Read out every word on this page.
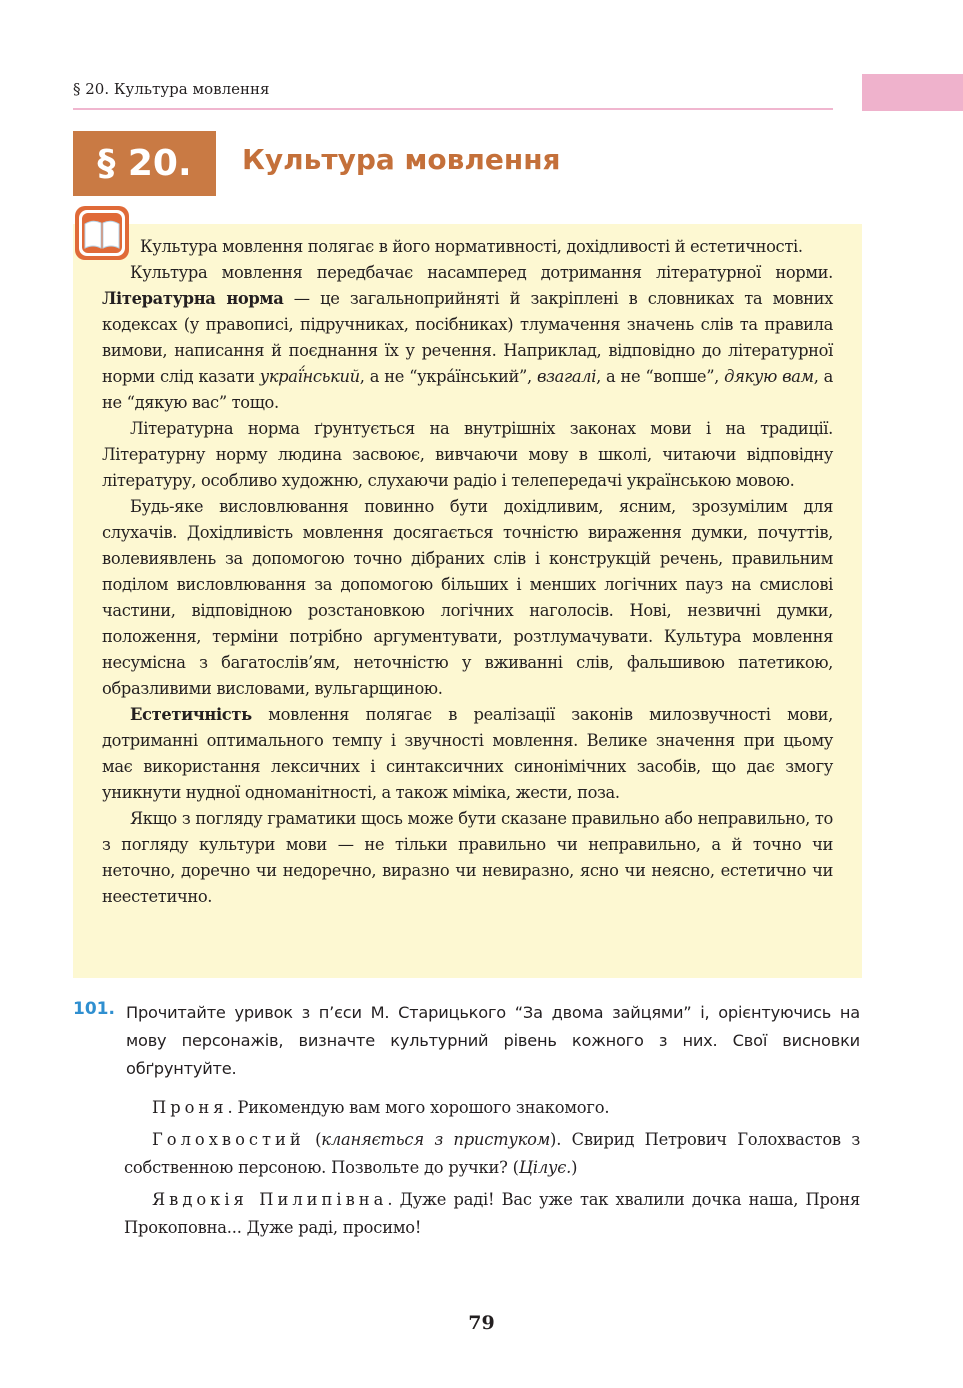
§ 20. Культура мовлення
§ 20.	Культура мовлення

Культура мовлення полягає в його нормативності, дохідливості й естетичності.

Культура мовлення передбачає насамперед дотримання літературної норми. Літературна норма — це загальноприйняті й закріплені в словниках та мовних кодексах (у правописі, підручниках, посібниках) тлумачення значень слів та правила вимови, написання й поєднання їх у речення. Наприклад, відповідно до літературної норми слід казати украї́нський, а не “укра́їнський”, взагалі, а не “вопше”, дякую вам, а не “дякую вас” тощо.

Літературна норма ґрунтується на внутрішніх законах мови і на традиції. Літературну норму людина засвоює, вивчаючи мову в школі, читаючи відповідну літературу, особливо художню, слухаючи радіо і телепередачі українською мовою.

Будь-яке висловлювання повинно бути дохідливим, ясним, зрозумілим для слухачів. Дохідливість мовлення досягається точністю вираження думки, почуттів, волевиявлень за допомогою точно дібраних слів і конструкцій речень, правильним поділом висловлювання за допомогою більших і менших логічних пауз на смислові частини, відповідною розстановкою логічних наголосів. Нові, незвичні думки, положення, терміни потрібно аргументувати, розтлумачувати. Культура мовлення несумісна з багатослів’ям, неточністю у вживанні слів, фальшивою патетикою, образливими висловами, вульгарщиною.

Естетичність мовлення полягає в реалізації законів милозвучності мови, дотриманні оптимального темпу і звучності мовлення. Велике значення при цьому має використання лексичних і синтаксичних синонімічних засобів, що дає змогу уникнути нудної одноманітності, а також міміка, жести, поза.

Якщо з погляду граматики щось може бути сказане правильно або неправильно, то з погляду культури мови — не тільки правильно чи неправильно, а й точно чи неточно, доречно чи недоречно, виразно чи невиразно, ясно чи неясно, естетично чи неестетично.

101. Прочитайте уривок з п’єси М. Старицького “За двома зайцями” і, орієнтуючись на мову персонажів, визначте культурний рівень кожного з них. Свої висновки обґрунтуйте.

Проня. Рикомендую вам мого хорошого знакомого.

Голохвостий (кланяється з пристуком). Свирид Петрович Голохвастов з собственною персоною. Позвольте до ручки? (Цілує.)

Явдокія Пилипівна. Дуже раді! Вас уже так хвалили дочка наша, Проня Прокоповна... Дуже раді, просимо!

79
